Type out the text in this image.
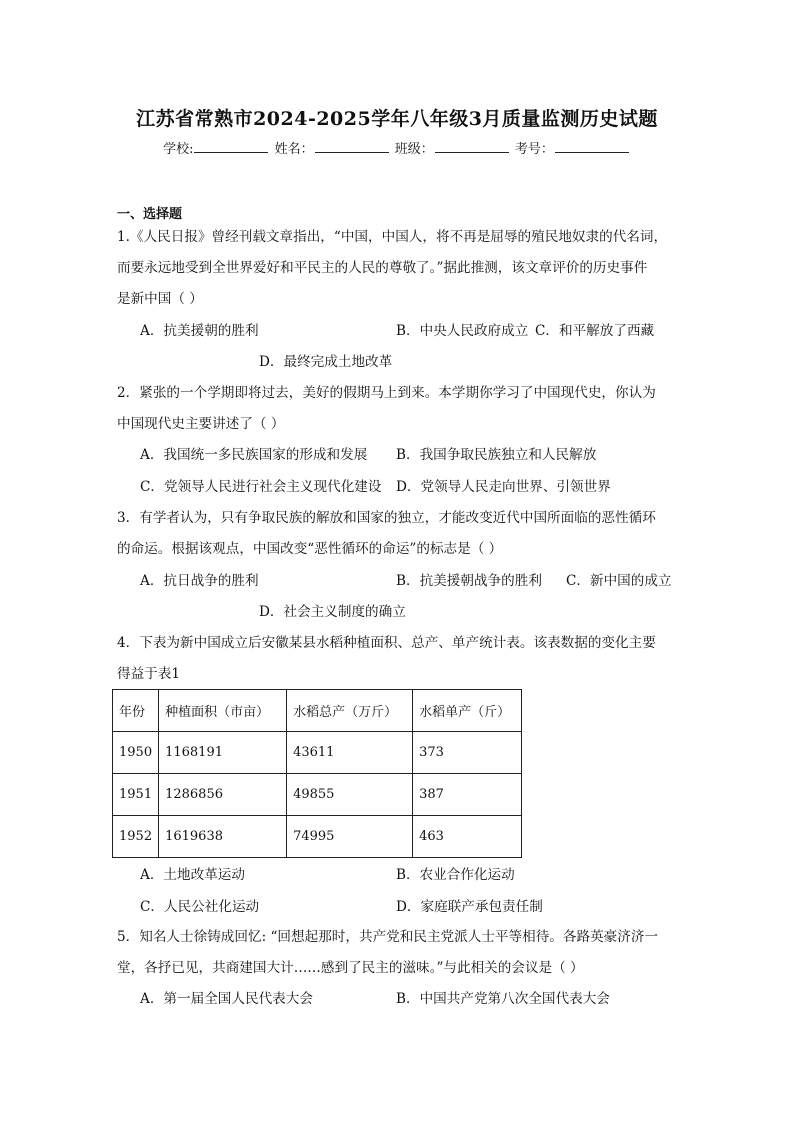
江苏省常熟市2024-2025学年八年级3月质量监测历史试题
学校:	姓名：	班级：	考号：
一、选择题
1.《人民日报》曾经刊载文章指出，“中国，中国人，将不再是屈辱的殖民地奴隶的代名词，
而要永远地受到全世界爱好和平民主的人民的尊敬了。”据此推测，该文章评价的历史事件
是新中国（ ）
A．抗美援朝的胜利	B．中央人民政府成立 C．和平解放了西藏
D．最终完成土地改革
2．紧张的一个学期即将过去，美好的假期马上到来。本学期你学习了中国现代史，你认为
中国现代史主要讲述了（ ）
A．我国统一多民族国家的形成和发展 B．我国争取民族独立和人民解放
C．党领导人民进行社会主义现代化建设 D．党领导人民走向世界、引领世界
3．有学者认为，只有争取民族的解放和国家的独立，才能改变近代中国所面临的恶性循环
的命运。根据该观点，中国改变“恶性循环的命运”的标志是（ ）
A．抗日战争的胜利	B．抗美援朝战争的胜利 C．新中国的成立
D．社会主义制度的确立
4．下表为新中国成立后安徽某县水稻种植面积、总产、单产统计表。该表数据的变化主要
得益于表1
年份	种植面积（市亩）	水稻总产（万斤）	水稻单产（斤）
1950	1168191	43611	373
1951	1286856	49855	387
1952	1619638	74995	463
A．土地改革运动	B．农业合作化运动
C．人民公社化运动	D．家庭联产承包责任制
5．知名人士徐铸成回忆: “回想起那时，共产党和民主党派人士平等相待。各路英豪济济一
堂，各抒已见，共商建国大计……感到了民主的滋味。”与此相关的会议是（ ）
A．第一届全国人民代表大会	B．中国共产党第八次全国代表大会
